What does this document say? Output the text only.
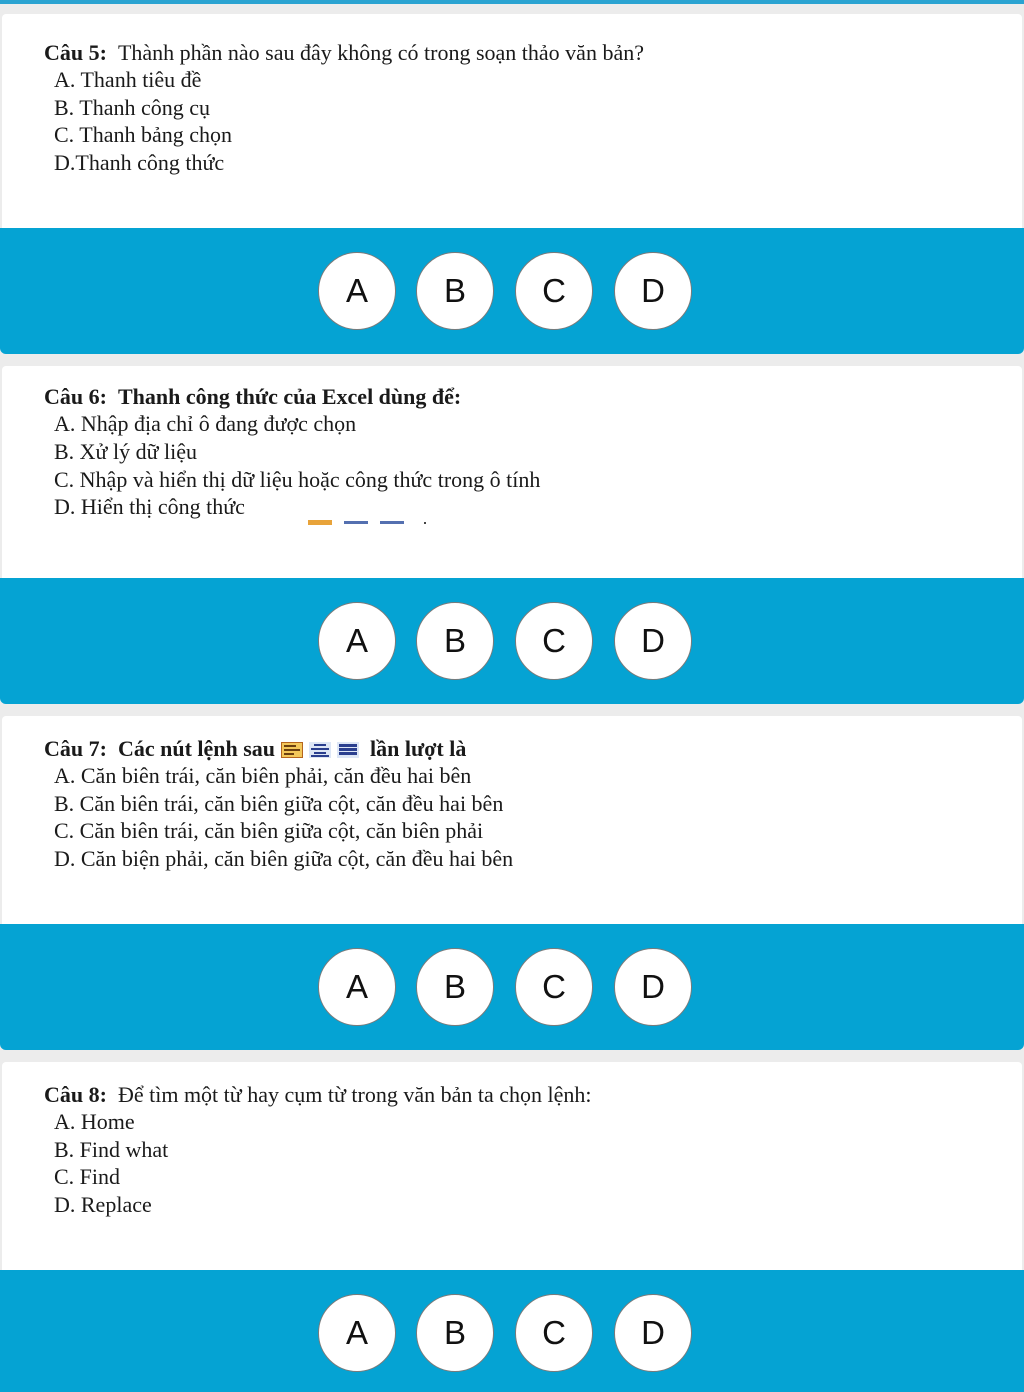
Câu 5: Thành phần nào sau đây không có trong soạn thảo văn bản?
A. Thanh tiêu đề
B. Thanh công cụ
C. Thanh bảng chọn
D.Thanh công thức
A	B	C	D
Câu 6: Thanh công thức của Excel dùng để:
A. Nhập địa chỉ ô đang được chọn
B. Xử lý dữ liệu
C. Nhập và hiển thị dữ liệu hoặc công thức trong ô tính
D. Hiển thị công thức
A	B	C	D
Câu 7: Các nút lệnh sau	lần lượt là
A. Căn biên trái, căn biên phải, căn đều hai bên
B. Căn biên trái, căn biên giữa cột, căn đều hai bên
C. Căn biên trái, căn biên giữa cột, căn biên phải
D. Căn biện phải, căn biên giữa cột, căn đều hai bên
A	B	C	D
Câu 8: Để tìm một từ hay cụm từ trong văn bản ta chọn lệnh:
A. Home
B. Find what
C. Find
D. Replace
A	B	C	D
